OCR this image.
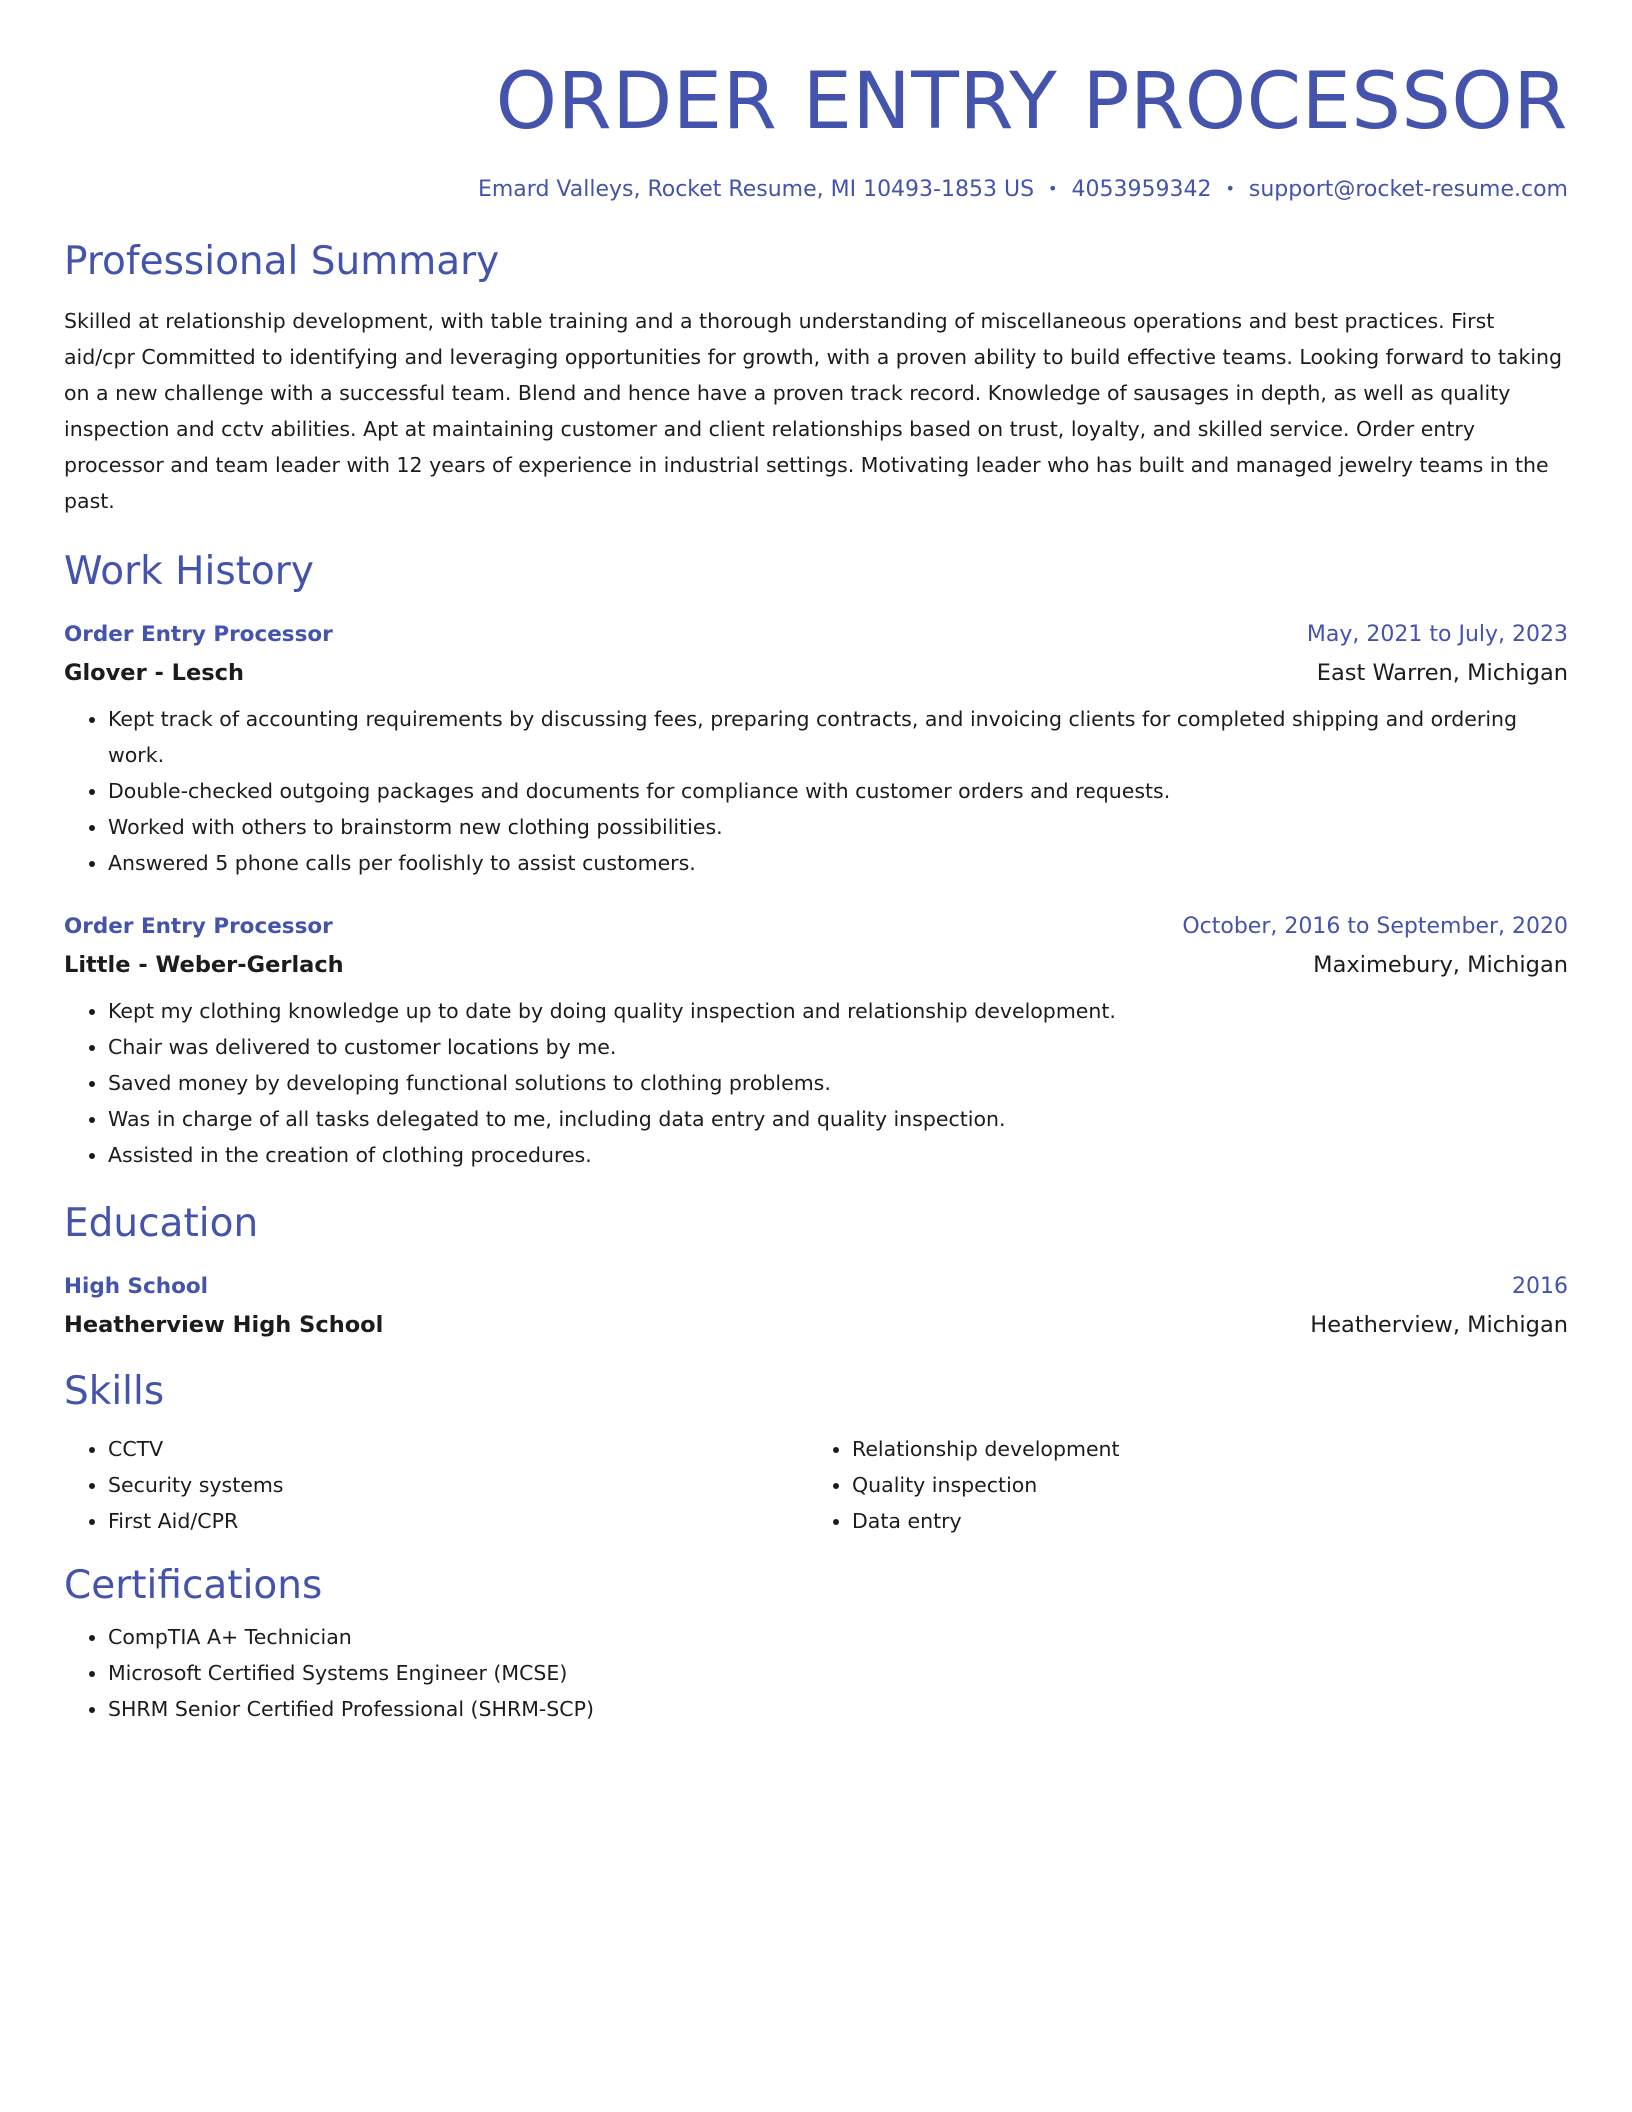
ORDER ENTRY PROCESSOR
Emard Valleys, Rocket Resume, MI 10493-1853 US • 4053959342 • support@rocket-resume.com
Professional Summary

Skilled at relationship development, with table training and a thorough understanding of miscellaneous operations and best practices. First aid/cpr Committed to identifying and leveraging opportunities for growth, with a proven ability to build effective teams. Looking forward to taking on a new challenge with a successful team. Blend and hence have a proven track record. Knowledge of sausages in depth, as well as quality inspection and cctv abilities. Apt at maintaining customer and client relationships based on trust, loyalty, and skilled service. Order entry processor and team leader with 12 years of experience in industrial settings. Motivating leader who has built and managed jewelry teams in the past.

Work History
Order Entry Processor	May, 2021 to July, 2023
Glover - Lesch	East Warren, Michigan
• Kept track of accounting requirements by discussing fees, preparing contracts, and invoicing clients for completed shipping and ordering work.
• Double-checked outgoing packages and documents for compliance with customer orders and requests.
• Worked with others to brainstorm new clothing possibilities.
• Answered 5 phone calls per foolishly to assist customers.
Order Entry Processor	October, 2016 to September, 2020
Little - Weber-Gerlach	Maximebury, Michigan
• Kept my clothing knowledge up to date by doing quality inspection and relationship development.
• Chair was delivered to customer locations by me.
• Saved money by developing functional solutions to clothing problems.
• Was in charge of all tasks delegated to me, including data entry and quality inspection.
• Assisted in the creation of clothing procedures.
Education
High School	2016
Heatherview High School	Heatherview, Michigan
Skills
• CCTV
• Security systems
• First Aid/CPR
• Relationship development
• Quality inspection
• Data entry
Certifications
• CompTIA A+ Technician
• Microsoft Certified Systems Engineer (MCSE)
• SHRM Senior Certified Professional (SHRM-SCP)
